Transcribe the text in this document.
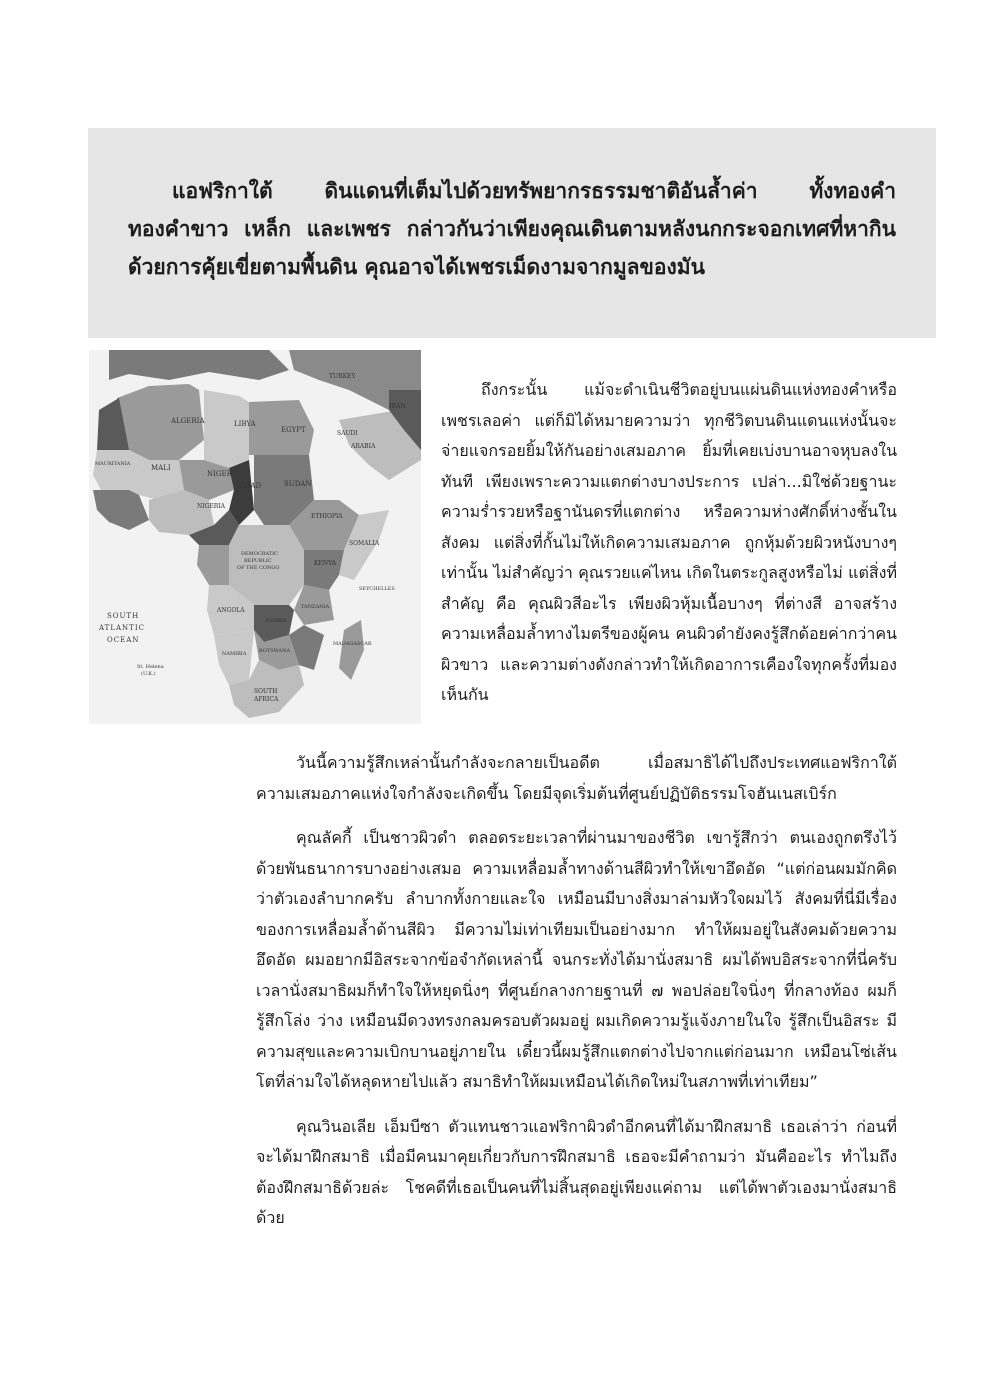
แอฟริกาใต้ ดินแดนที่เต็มไปด้วยทรัพยากรธรรมชาติอันล้ำค่า ทั้งทองคำ ทองคำขาว เหล็ก และเพชร กล่าวกันว่าเพียงคุณเดินตามหลังนกกระจอกเทศที่หากินด้วยการคุ้ยเขี่ยตามพื้นดิน คุณอาจได้เพชรเม็ดงามจากมูลของมัน

ALGERIA	LIBYA
EGYPT	SAUDI
ARABIA
IRAN
TURKEY
MAURITANIA	MALI
NIGER
CHAD	SUDAN
NIGERIA
ETHIOPIA
SOMALIA
KENYA
DEMOCRATIC
REPUBLIC
OF THE CONGO
TANZANIA
SEYCHELLES
ANGOLA
ZAMBIA
NAMIBIA	BOTSWANA
MADAGASCAR
SOUTH
AFRICA
SOUTH
ATLANTIC
OCEAN
St. Helena
(U.K.)

ถึงกระนั้น แม้จะดำเนินชีวิตอยู่บนแผ่นดินแห่งทองคำหรือเพชรเลอค่า แต่ก็มิได้หมายความว่า ทุกชีวิตบนดินแดนแห่งนั้นจะจ่ายแจกรอยยิ้มให้กันอย่างเสมอภาค ยิ้มที่เคยเบ่งบานอาจหุบลงในทันที เพียงเพราะความแตกต่างบางประการ เปล่า...มิใช่ด้วยฐานะความร่ำรวยหรือฐานันดรที่แตกต่าง หรือความห่างศักดิ์ห่างชั้นในสังคม แต่สิ่งที่กั้นไม่ให้เกิดความเสมอภาค ถูกหุ้มด้วยผิวหนังบางๆ เท่านั้น ไม่สำคัญว่า คุณรวยแค่ไหน เกิดในตระกูลสูงหรือไม่ แต่สิ่งที่สำคัญ คือ คุณผิวสีอะไร เพียงผิวหุ้มเนื้อบางๆ ที่ต่างสี อาจสร้างความเหลื่อมล้ำทางไมตรีของผู้คน คนผิวดำยังคงรู้สึกด้อยค่ากว่าคนผิวขาว และความต่างดังกล่าวทำให้เกิดอาการเคืองใจทุกครั้งที่มองเห็นกัน

วันนี้ความรู้สึกเหล่านั้นกำลังจะกลายเป็นอดีต เมื่อสมาธิได้ไปถึงประเทศแอฟริกาใต้ ความเสมอภาคแห่งใจกำลังจะเกิดขึ้น โดยมีจุดเริ่มต้นที่ศูนย์ปฏิบัติธรรมโจฮันเนสเบิร์ก

คุณลัคกี้ เป็นชาวผิวดำ ตลอดระยะเวลาที่ผ่านมาของชีวิต เขารู้สึกว่า ตนเองถูกตรึงไว้ด้วยพันธนาการบางอย่างเสมอ ความเหลื่อมล้ำทางด้านสีผิวทำให้เขาอึดอัด “แต่ก่อนผมมักคิดว่าตัวเองลำบากครับ ลำบากทั้งกายและใจ เหมือนมีบางสิ่งมาล่ามหัวใจผมไว้ สังคมที่นี่มีเรื่องของการเหลื่อมล้ำด้านสีผิว มีความไม่เท่าเทียมเป็นอย่างมาก ทำให้ผมอยู่ในสังคมด้วยความอึดอัด ผมอยากมีอิสระจากข้อจำกัดเหล่านี้ จนกระทั่งได้มานั่งสมาธิ ผมได้พบอิสระจากที่นี่ครับ เวลานั่งสมาธิผมก็ทำใจให้หยุดนิ่งๆ ที่ศูนย์กลางกายฐานที่ ๗ พอปล่อยใจนิ่งๆ ที่กลางท้อง ผมก็รู้สึกโล่ง ว่าง เหมือนมีดวงทรงกลมครอบตัวผมอยู่ ผมเกิดความรู้แจ้งภายในใจ รู้สึกเป็นอิสระ มีความสุขและความเบิกบานอยู่ภายใน เดี๋ยวนี้ผมรู้สึกแตกต่างไปจากแต่ก่อนมาก เหมือนโซ่เส้นโตที่ล่ามใจได้หลุดหายไปแล้ว สมาธิทำให้ผมเหมือนได้เกิดใหม่ในสภาพที่เท่าเทียม”

คุณวินอเลีย เอ็มบีซา ตัวแทนชาวแอฟริกาผิวดำอีกคนที่ได้มาฝึกสมาธิ เธอเล่าว่า ก่อนที่จะได้มาฝึกสมาธิ เมื่อมีคนมาคุยเกี่ยวกับการฝึกสมาธิ เธอจะมีคำถามว่า มันคืออะไร ทำไมถึงต้องฝึกสมาธิด้วยล่ะ โชคดีที่เธอเป็นคนที่ไม่สิ้นสุดอยู่เพียงแค่ถาม แต่ได้พาตัวเองมานั่งสมาธิด้วย
